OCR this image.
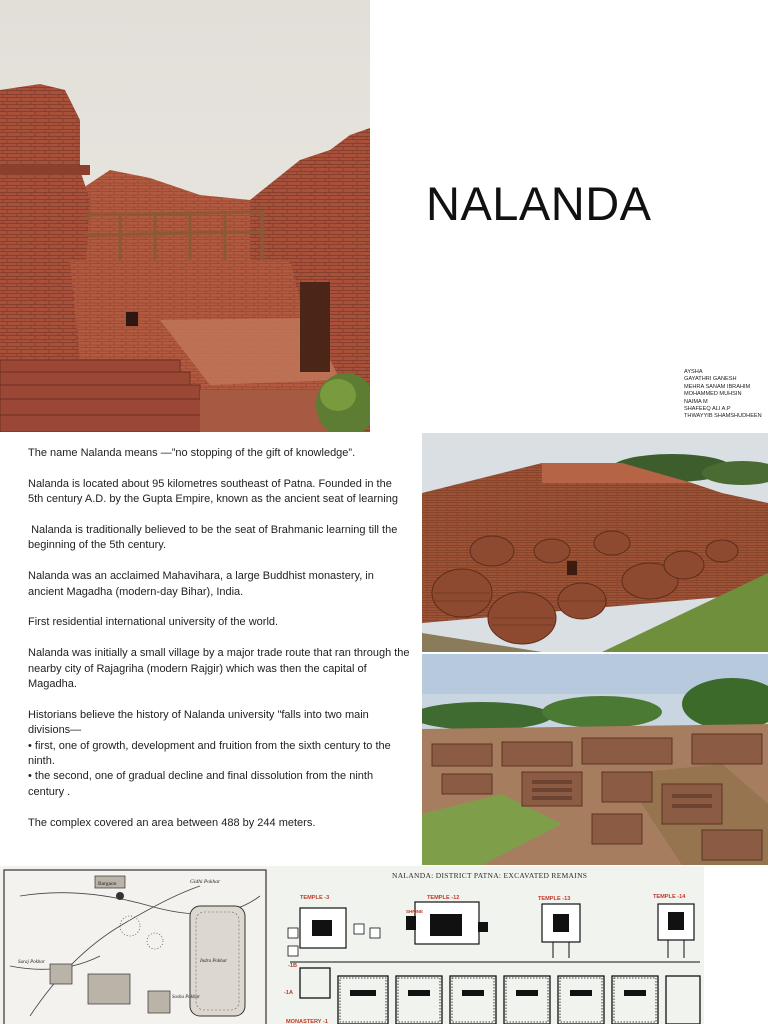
NALANDA
AYSHA
GAYATHRI GANESH
MEHRA SANAM IBRAHIM
MOHAMMED MUHSIN
NAIMA M
SHAFEEQ ALI A.P
THWAYYIB SHAMSHUDHEEN

The name Nalanda means —”no stopping of the gift of knowledge”.

Nalanda is located about 95 kilometres southeast of Patna. Founded in the 5th century A.D. by the Gupta Empire, known as the ancient seat of learning

Nalanda is traditionally believed to be the seat of Brahmanic learning till the beginning of the 5th century.

Nalanda was an acclaimed Mahavihara, a large Buddhist monastery, in ancient Magadha (modern-day Bihar), India.

First residential international university of the world.

Nalanda was initially a small village by a major trade route that ran through the nearby city of Rajagriha (modern Rajgir) which was then the capital of Magadha.

Historians believe the history of Nalanda university "falls into two main divisions—

• first, one of growth, development and fruition from the sixth century to the ninth.

• the second, one of gradual decline and final dissolution from the ninth century .

The complex covered an area between 488 by 244 meters.

Bargaon	Gidhi Pokhar
Indra Pokhar
Suraj Pokhar
Sosha Pokhar
TEMPLE -3	TEMPLE -12	TEMPLE -13	TEMPLE -14
SHRINE
-1B
-1A
MONASTERY -1
NALANDA: DISTRICT PATNA: EXCAVATED REMAINS
